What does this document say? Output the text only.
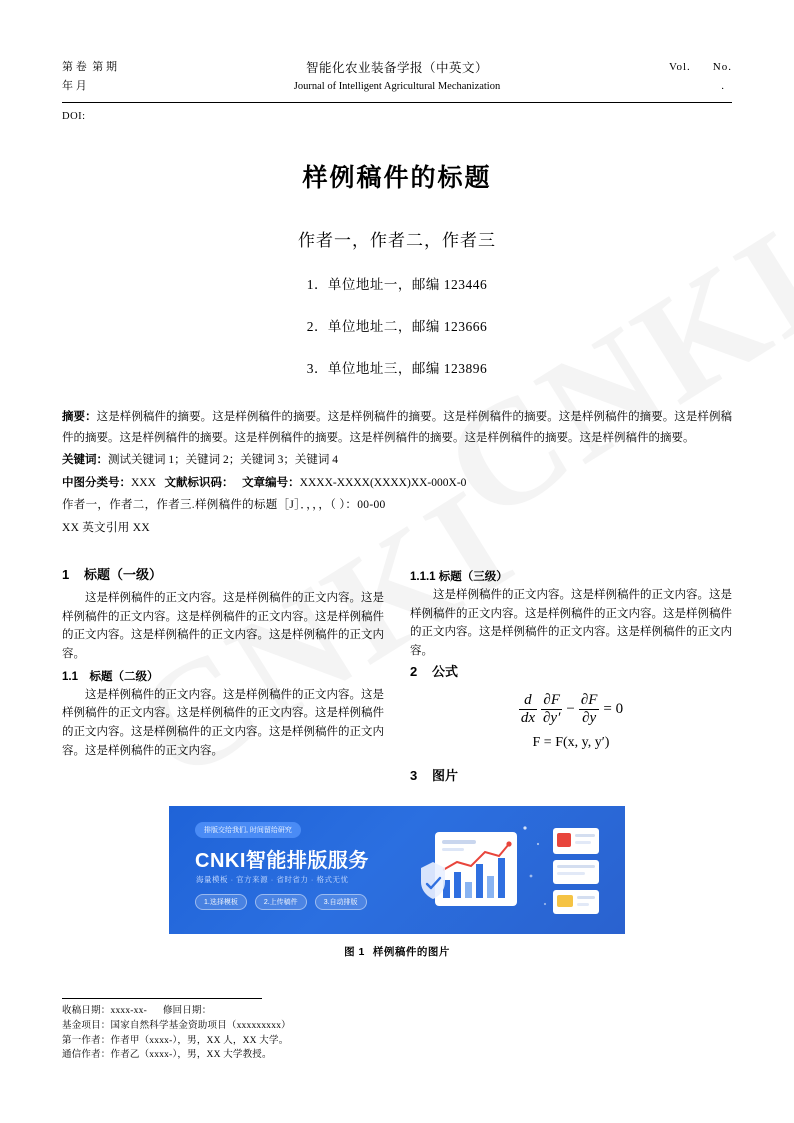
第 卷  第 期
年 月
智能化农业装备学报（中英文）
Journal of Intelligent Agricultural Mechanization
Vol. No.
.
DOI:
样例稿件的标题
作者一，作者二，作者三
1．单位地址一，邮编 123446
2．单位地址二，邮编 123666
3．单位地址三，邮编 123896
摘要：这是样例稿件的摘要。这是样例稿件的摘要。这是样例稿件的摘要。这是样例稿件的摘要。这是样例稿件的摘要。这是样例稿件的摘要。这是样例稿件的摘要。这是样例稿件的摘要。这是样例稿件的摘要。这是样例稿件的摘要。这是样例稿件的摘要。
关键词：测试关键词 1；关键词 2；关键词 3；关键词 4
中图分类号：XXX 文献标识码： 文章编号：XXXX-XXXX(XXXX)XX-000X-0
作者一，作者二，作者三.样例稿件的标题［J］．，，，（ ）：00-00
XX 英文引用 XX
1 标题（一级）

这是样例稿件的正文内容。这是样例稿件的正文内容。这是样例稿件的正文内容。这是样例稿件的正文内容。这是样例稿件的正文内容。这是样例稿件的正文内容。这是样例稿件的正文内容。

1.1　标题（二级）

这是样例稿件的正文内容。这是样例稿件的正文内容。这是样例稿件的正文内容。这是样例稿件的正文内容。这是样例稿件的正文内容。这是样例稿件的正文内容。这是样例稿件的正文内容。这是样例稿件的正文内容。

1.1.1 标题（三级）

这是样例稿件的正文内容。这是样例稿件的正文内容。这是样例稿件的正文内容。这是样例稿件的正文内容。这是样例稿件的正文内容。这是样例稿件的正文内容。这是样例稿件的正文内容。

2 公式
$\frac{d}{dx}$
$\frac{\partial F}{\partial y'} - \frac{\partial F}{\partial y} = 0$
F = F(x, y, y′)
3 图片
排版交给我们, 时间留给研究
CNKI智能排版服务
海量模板 · 官方来源 · 省时省力 · 格式无忧
1.选择模板	2.上传稿件	3.自动排版
图 1 样例稿件的图片
收稿日期：xxxx-xx- 修回日期：
基金项目：国家自然科学基金资助项目（xxxxxxxxx）
第一作者：作者甲（xxxx-），男，XX 人，XX 大学。
通信作者：作者乙（xxxx-），男，XX 大学教授。
